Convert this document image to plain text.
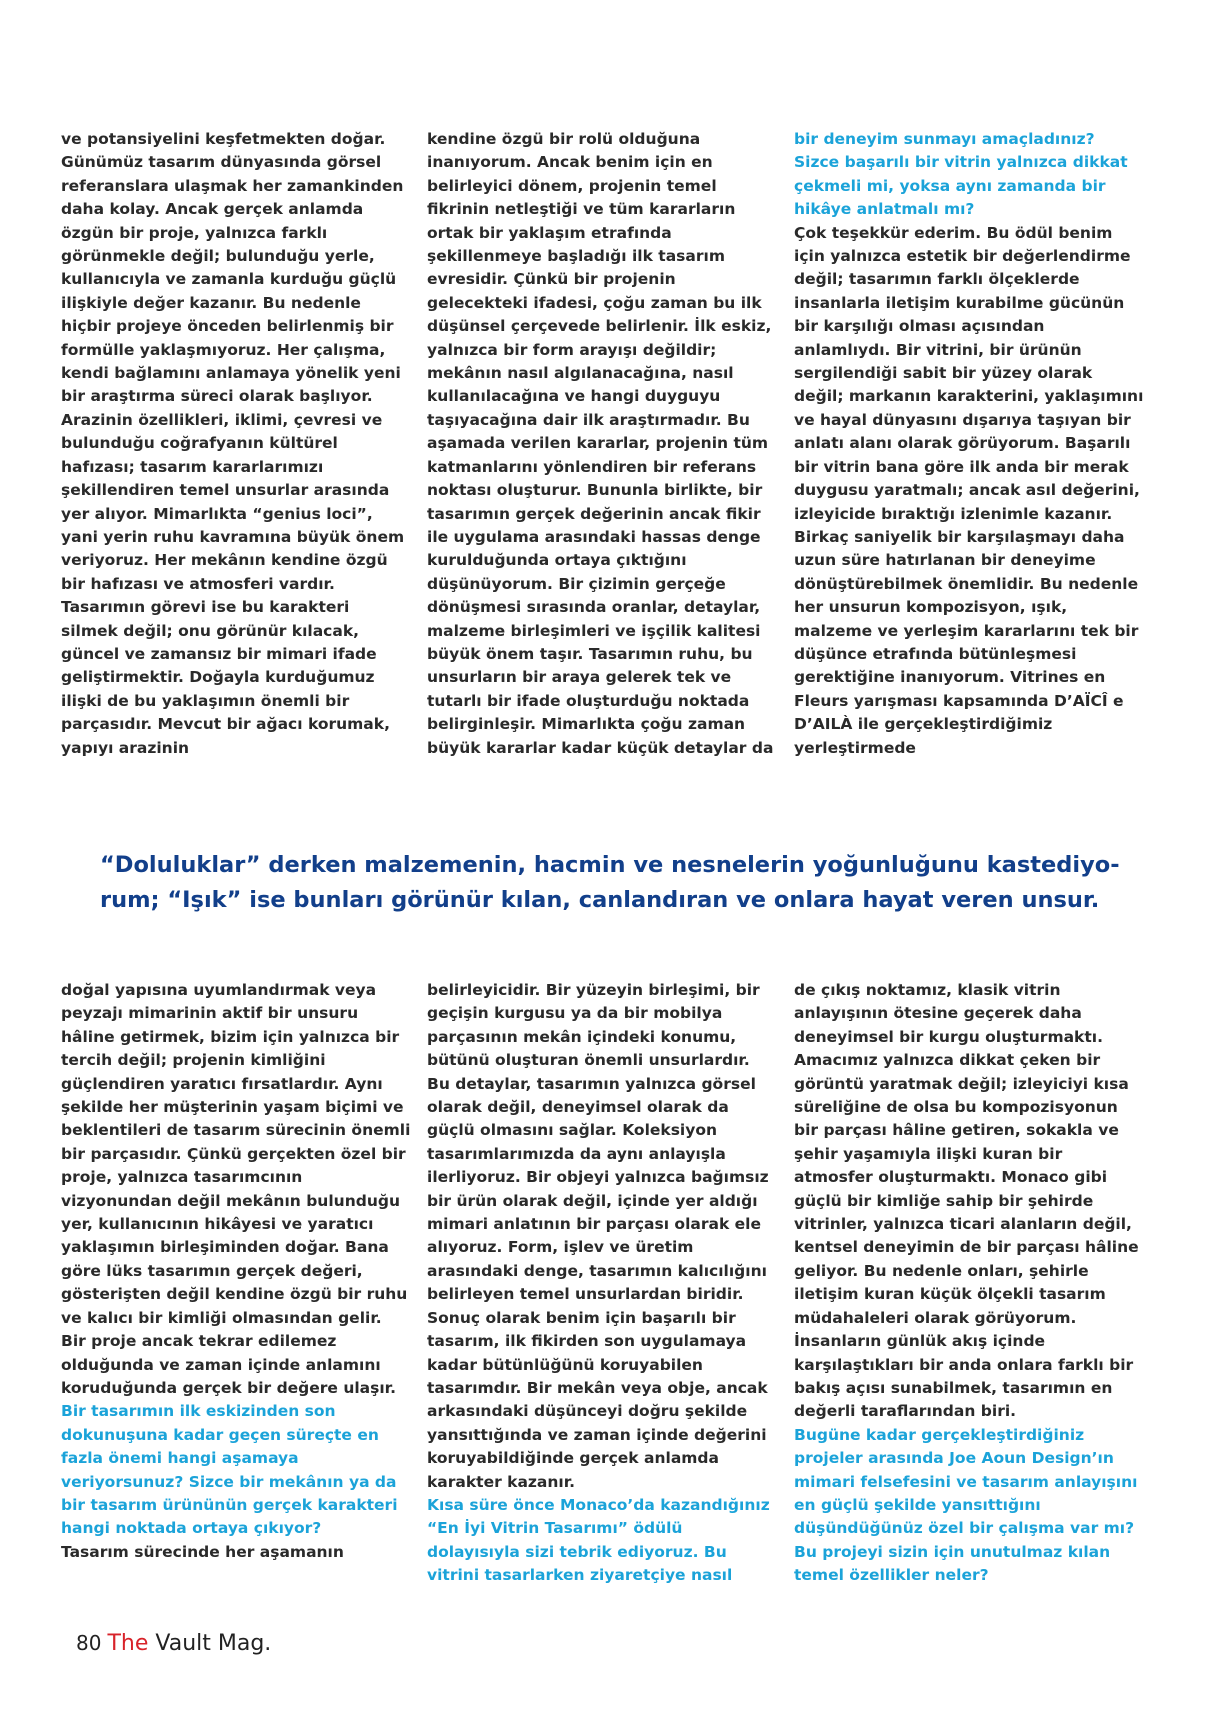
ve potansiyelini keşfetmekten doğar. Günümüz tasarım dünyasında görsel referanslara ulaşmak her zamankinden daha kolay. Ancak gerçek anlamda özgün bir proje, yalnızca farklı görünmekle değil; bulunduğu yerle, kullanıcıyla ve zamanla kurduğu güçlü ilişkiyle değer kazanır. Bu nedenle hiçbir projeye önceden belirlenmiş bir formülle yaklaşmıyoruz. Her çalışma, kendi bağlamını anlamaya yönelik yeni bir araştırma süreci olarak başlıyor. Arazinin özellikleri, iklimi, çevresi ve bulunduğu coğrafyanın kültürel hafızası; tasarım kararlarımızı şekillendiren temel unsurlar arasında yer alıyor. Mimarlıkta “genius loci”, yani yerin ruhu kavramına büyük önem veriyoruz. Her mekânın kendine özgü bir hafızası ve atmosferi vardır. Tasarımın görevi ise bu karakteri silmek değil; onu görünür kılacak, güncel ve zamansız bir mimari ifade geliştirmektir. Doğayla kurduğumuz ilişki de bu yaklaşımın önemli bir parçasıdır. Mevcut bir ağacı korumak, yapıyı arazinin

kendine özgü bir rolü olduğuna inanıyorum. Ancak benim için en belirleyici dönem, projenin temel fikrinin netleştiği ve tüm kararların ortak bir yaklaşım etrafında şekillenmeye başladığı ilk tasarım evresidir. Çünkü bir projenin gelecekteki ifadesi, çoğu zaman bu ilk düşünsel çerçevede belirlenir. İlk eskiz, yalnızca bir form arayışı değildir; mekânın nasıl algılanacağına, nasıl kullanılacağına ve hangi duyguyu taşıyacağına dair ilk araştırmadır. Bu aşamada verilen kararlar, projenin tüm katmanlarını yönlendiren bir referans noktası oluşturur. Bununla birlikte, bir tasarımın gerçek değerinin ancak fikir ile uygulama arasındaki hassas denge kurulduğunda ortaya çıktığını düşünüyorum. Bir çizimin gerçeğe dönüşmesi sırasında oranlar, detaylar, malzeme birleşimleri ve işçilik kalitesi büyük önem taşır. Tasarımın ruhu, bu unsurların bir araya gelerek tek ve tutarlı bir ifade oluşturduğu noktada belirginleşir. Mimarlıkta çoğu zaman büyük kararlar kadar küçük detaylar da

bir deneyim sunmayı amaçladınız? Sizce başarılı bir vitrin yalnızca dikkat çekmeli mi, yoksa aynı zamanda bir hikâye anlatmalı mı?

Çok teşekkür ederim. Bu ödül benim için yalnızca estetik bir değerlendirme değil; tasarımın farklı ölçeklerde insanlarla iletişim kurabilme gücünün bir karşılığı olması açısından anlamlıydı. Bir vitrini, bir ürünün sergilendiği sabit bir yüzey olarak değil; markanın karakterini, yaklaşımını ve hayal dünyasını dışarıya taşıyan bir anlatı alanı olarak görüyorum. Başarılı bir vitrin bana göre ilk anda bir merak duygusu yaratmalı; ancak asıl değerini, izleyicide bıraktığı izlenimle kazanır. Birkaç saniyelik bir karşılaşmayı daha uzun süre hatırlanan bir deneyime dönüştürebilmek önemlidir. Bu nedenle her unsurun kompozisyon, ışık, malzeme ve yerleşim kararlarını tek bir düşünce etrafında bütünleşmesi gerektiğine inanıyorum. Vitrines en Fleurs yarışması kapsamında D’AÏCÎ e D’AILÀ ile gerçekleştirdiğimiz yerleştirmede

“Doluluklar” derken malzemenin, hacmin ve nesnelerin yoğunluğunu kastediyo-

rum; “Işık” ise bunları görünür kılan, canlandıran ve onlara hayat veren unsur.

doğal yapısına uyumlandırmak veya peyzajı mimarinin aktif bir unsuru hâline getirmek, bizim için yalnızca bir tercih değil; projenin kimliğini güçlendiren yaratıcı fırsatlardır. Aynı şekilde her müşterinin yaşam biçimi ve beklentileri de tasarım sürecinin önemli bir parçasıdır. Çünkü gerçekten özel bir proje, yalnızca tasarımcının vizyonundan değil mekânın bulunduğu yer, kullanıcının hikâyesi ve yaratıcı yaklaşımın birleşiminden doğar. Bana göre lüks tasarımın gerçek değeri, gösterişten değil kendine özgü bir ruhu ve kalıcı bir kimliği olmasından gelir. Bir proje ancak tekrar edilemez olduğunda ve zaman içinde anlamını koruduğunda gerçek bir değere ulaşır.

Bir tasarımın ilk eskizinden son dokunuşuna kadar geçen süreçte en fazla önemi hangi aşamaya veriyorsunuz? Sizce bir mekânın ya da bir tasarım ürününün gerçek karakteri hangi noktada ortaya çıkıyor?

Tasarım sürecinde her aşamanın

belirleyicidir. Bir yüzeyin birleşimi, bir geçişin kurgusu ya da bir mobilya parçasının mekân içindeki konumu, bütünü oluşturan önemli unsurlardır. Bu detaylar, tasarımın yalnızca görsel olarak değil, deneyimsel olarak da güçlü olmasını sağlar. Koleksiyon tasarımlarımızda da aynı anlayışla ilerliyoruz. Bir objeyi yalnızca bağımsız bir ürün olarak değil, içinde yer aldığı mimari anlatının bir parçası olarak ele alıyoruz. Form, işlev ve üretim arasındaki denge, tasarımın kalıcılığını belirleyen temel unsurlardan biridir. Sonuç olarak benim için başarılı bir tasarım, ilk fikirden son uygulamaya kadar bütünlüğünü koruyabilen tasarımdır. Bir mekân veya obje, ancak arkasındaki düşünceyi doğru şekilde yansıttığında ve zaman içinde değerini koruyabildiğinde gerçek anlamda karakter kazanır.

Kısa süre önce Monaco’da kazandığınız “En İyi Vitrin Tasarımı” ödülü dolayısıyla sizi tebrik ediyoruz. Bu vitrini tasarlarken ziyaretçiye nasıl

de çıkış noktamız, klasik vitrin anlayışının ötesine geçerek daha deneyimsel bir kurgu oluşturmaktı. Amacımız yalnızca dikkat çeken bir görüntü yaratmak değil; izleyiciyi kısa süreliğine de olsa bu kompozisyonun bir parçası hâline getiren, sokakla ve şehir yaşamıyla ilişki kuran bir atmosfer oluşturmaktı. Monaco gibi güçlü bir kimliğe sahip bir şehirde vitrinler, yalnızca ticari alanların değil, kentsel deneyimin de bir parçası hâline geliyor. Bu nedenle onları, şehirle iletişim kuran küçük ölçekli tasarım müdahaleleri olarak görüyorum. İnsanların günlük akış içinde karşılaştıkları bir anda onlara farklı bir bakış açısı sunabilmek, tasarımın en değerli taraflarından biri.

Bugüne kadar gerçekleştirdiğiniz projeler arasında Joe Aoun Design’ın mimari felsefesini ve tasarım anlayışını en güçlü şekilde yansıttığını düşündüğünüz özel bir çalışma var mı? Bu projeyi sizin için unutulmaz kılan temel özellikler neler?

80 The Vault Mag.
